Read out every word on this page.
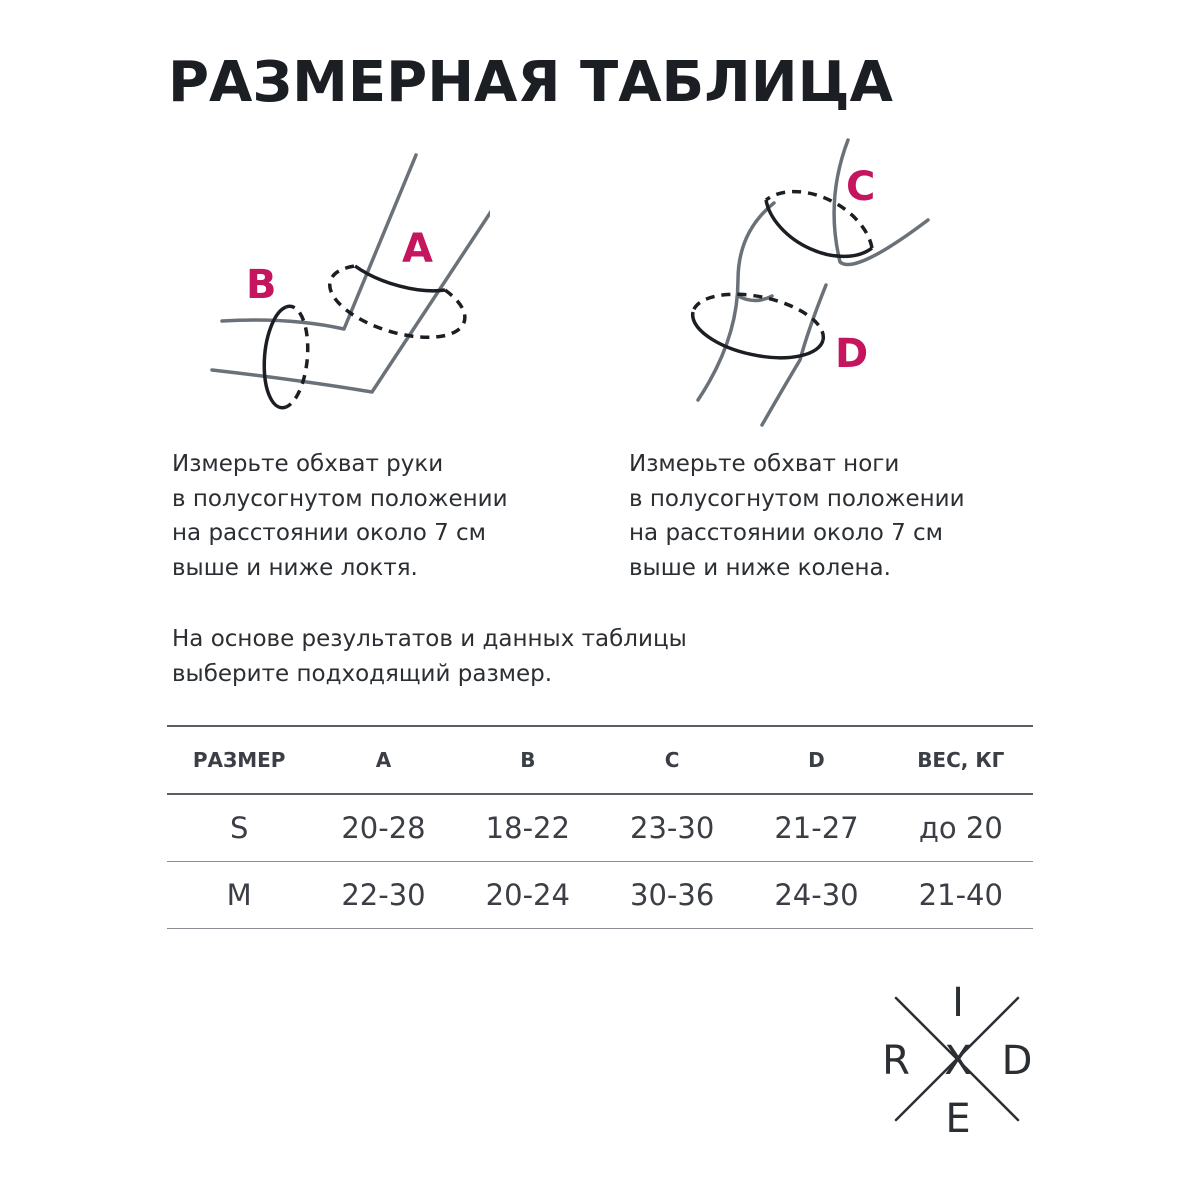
РАЗМЕРНАЯ ТАБЛИЦА
A
B
C
D
Измерьте обхват руки
в полусогнутом положении
на расстоянии около 7 см
выше и ниже локтя.
Измерьте обхват ноги
в полусогнутом положении
на расстоянии около 7 см
выше и ниже колена.
На основе результатов и данных таблицы
выберите подходящий размер.
РАЗМЕР	A	B	C	D	ВЕС, КГ
S	20-28	18-22	23-30	21-27	до 20
M	22-30	20-24	30-36	24-30	21-40
I
R X D
E
